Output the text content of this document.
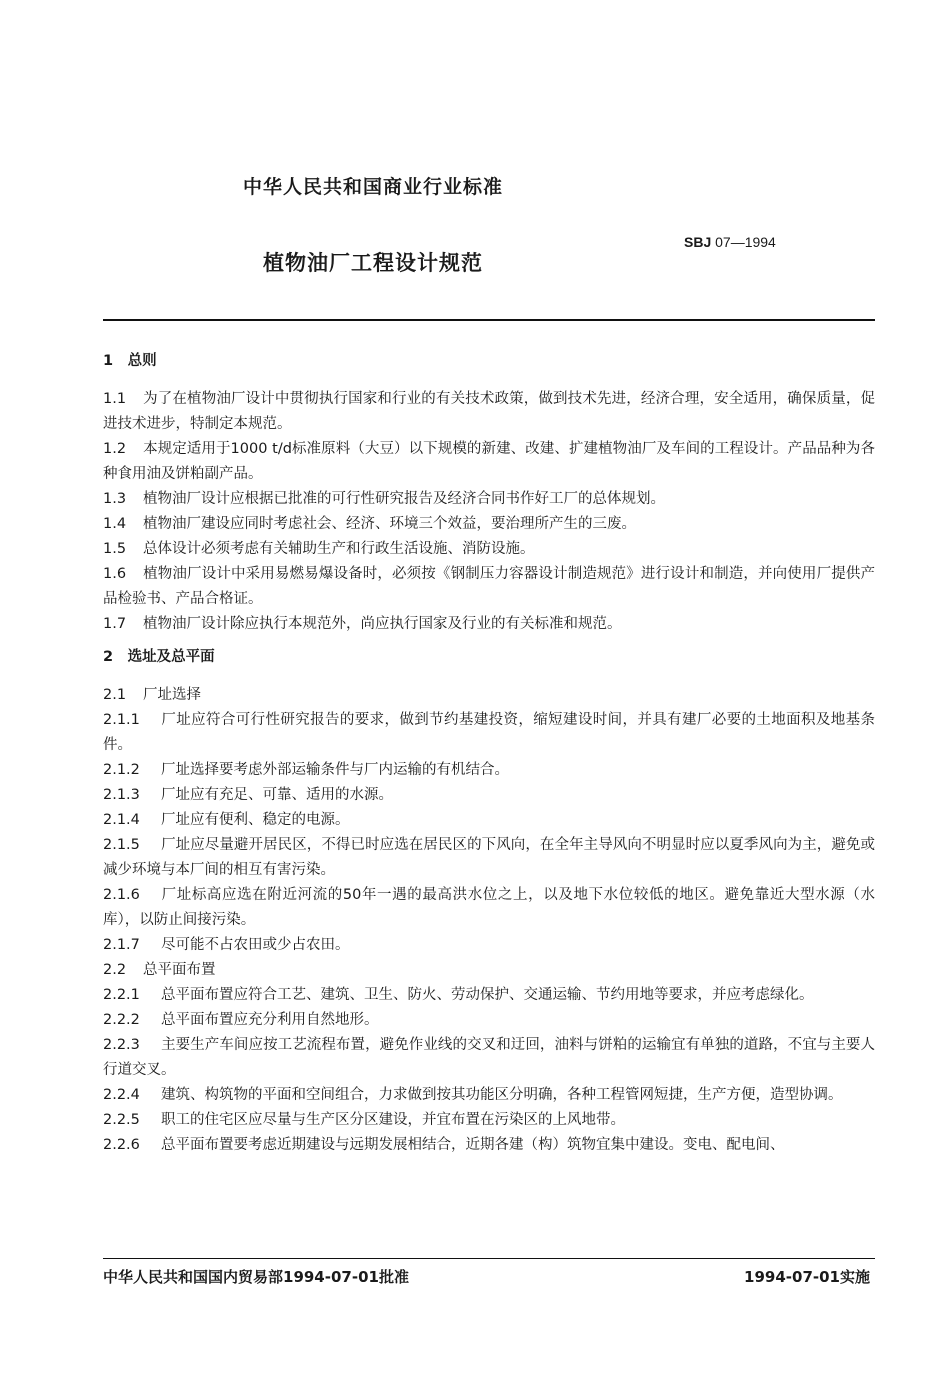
中华人民共和国商业行业标准
植物油厂工程设计规范
SBJ 07—1994
1　总则

1.1 为了在植物油厂设计中贯彻执行国家和行业的有关技术政策，做到技术先进，经济合理，安全适用，确保质量，促进技术进步，特制定本规范。

1.2 本规定适用于1000 t/d标准原料（大豆）以下规模的新建、改建、扩建植物油厂及车间的工程设计。产品品种为各种食用油及饼粕副产品。

1.3 植物油厂设计应根据已批准的可行性研究报告及经济合同书作好工厂的总体规划。

1.4 植物油厂建设应同时考虑社会、经济、环境三个效益，要治理所产生的三废。

1.5 总体设计必须考虑有关辅助生产和行政生活设施、消防设施。

1.6 植物油厂设计中采用易燃易爆设备时，必须按《钢制压力容器设计制造规范》进行设计和制造，并向使用厂提供产品检验书、产品合格证。

1.7 植物油厂设计除应执行本规范外，尚应执行国家及行业的有关标准和规范。

2　选址及总平面

2.1 厂址选择

2.1.1 厂址应符合可行性研究报告的要求，做到节约基建投资，缩短建设时间，并具有建厂必要的土地面积及地基条件。

2.1.2 厂址选择要考虑外部运输条件与厂内运输的有机结合。

2.1.3 厂址应有充足、可靠、适用的水源。

2.1.4 厂址应有便利、稳定的电源。

2.1.5 厂址应尽量避开居民区，不得已时应选在居民区的下风向，在全年主导风向不明显时应以夏季风向为主，避免或减少环境与本厂间的相互有害污染。

2.1.6 厂址标高应选在附近河流的50年一遇的最高洪水位之上，以及地下水位较低的地区。避免靠近大型水源（水库），以防止间接污染。

2.1.7 尽可能不占农田或少占农田。

2.2 总平面布置

2.2.1 总平面布置应符合工艺、建筑、卫生、防火、劳动保护、交通运输、节约用地等要求，并应考虑绿化。

2.2.2 总平面布置应充分利用自然地形。

2.2.3 主要生产车间应按工艺流程布置，避免作业线的交叉和迂回，油料与饼粕的运输宜有单独的道路，不宜与主要人行道交叉。

2.2.4 建筑、构筑物的平面和空间组合，力求做到按其功能区分明确，各种工程管网短捷，生产方便，造型协调。

2.2.5 职工的住宅区应尽量与生产区分区建设，并宜布置在污染区的上风地带。

2.2.6 总平面布置要考虑近期建设与远期发展相结合，近期各建（构）筑物宜集中建设。变电、配电间、

中华人民共和国国内贸易部1994-07-01批准	1994-07-01实施
